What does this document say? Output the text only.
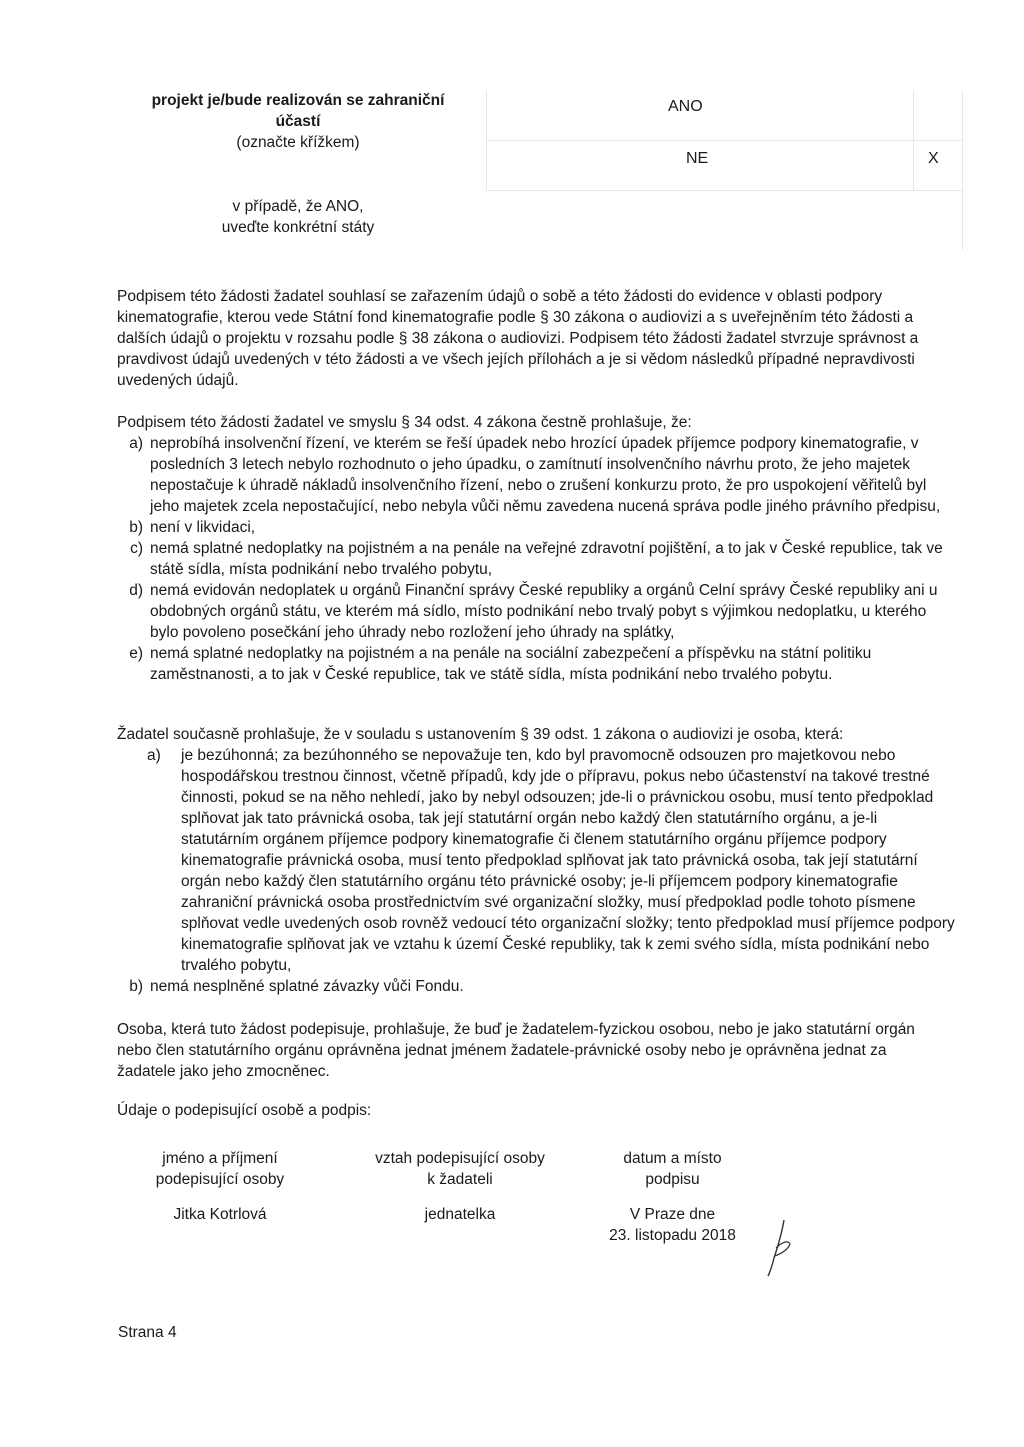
projekt je/bude realizován se zahraniční
účastí
(označte křížkem)
ANO
NE	X
v případě, že ANO,
uveďte konkrétní státy
Podpisem této žádosti žadatel souhlasí se zařazením údajů o sobě a této žádosti do evidence v oblasti podpory kinematografie, kterou vede Státní fond kinematografie podle § 30 zákona o audiovizi a s uveřejněním této žádosti a dalších údajů o projektu v rozsahu podle § 38 zákona o audiovizi. Podpisem této žádosti žadatel stvrzuje správnost a pravdivost údajů uvedených v této žádosti a ve všech jejích přílohách a je si vědom následků případné nepravdivosti uvedených údajů.
Podpisem této žádosti žadatel ve smyslu § 34 odst. 4 zákona čestně prohlašuje, že:
a) neprobíhá insolvenční řízení, ve kterém se řeší úpadek nebo hrozící úpadek příjemce podpory kinematografie, v posledních 3 letech nebylo rozhodnuto o jeho úpadku, o zamítnutí insolvenčního návrhu proto, že jeho majetek nepostačuje k úhradě nákladů insolvenčního řízení, nebo o zrušení konkurzu proto, že pro uspokojení věřitelů byl jeho majetek zcela nepostačující, nebo nebyla vůči němu zavedena nucená správa podle jiného právního předpisu,
b) není v likvidaci,
c) nemá splatné nedoplatky na pojistném a na penále na veřejné zdravotní pojištění, a to jak v České republice, tak ve státě sídla, místa podnikání nebo trvalého pobytu,
d) nemá evidován nedoplatek u orgánů Finanční správy České republiky a orgánů Celní správy České republiky ani u obdobných orgánů státu, ve kterém má sídlo, místo podnikání nebo trvalý pobyt s výjimkou nedoplatku, u kterého bylo povoleno posečkání jeho úhrady nebo rozložení jeho úhrady na splátky,
e) nemá splatné nedoplatky na pojistném a na penále na sociální zabezpečení a příspěvku na státní politiku zaměstnanosti, a to jak v České republice, tak ve státě sídla, místa podnikání nebo trvalého pobytu.
Žadatel současně prohlašuje, že v souladu s ustanovením § 39 odst. 1 zákona o audiovizi je osoba, která:
a) je bezúhonná; za bezúhonného se nepovažuje ten, kdo byl pravomocně odsouzen pro majetkovou nebo hospodářskou trestnou činnost, včetně případů, kdy jde o přípravu, pokus nebo účastenství na takové trestné činnosti, pokud se na něho nehledí, jako by nebyl odsouzen; jde-li o právnickou osobu, musí tento předpoklad splňovat jak tato právnická osoba, tak její statutární orgán nebo každý člen statutárního orgánu, a je-li statutárním orgánem příjemce podpory kinematografie či členem statutárního orgánu příjemce podpory kinematografie právnická osoba, musí tento předpoklad splňovat jak tato právnická osoba, tak její statutární orgán nebo každý člen statutárního orgánu této právnické osoby; je-li příjemcem podpory kinematografie zahraniční právnická osoba prostřednictvím své organizační složky, musí předpoklad podle tohoto písmene splňovat vedle uvedených osob rovněž vedoucí této organizační složky; tento předpoklad musí příjemce podpory kinematografie splňovat jak ve vztahu k území České republiky, tak k zemi svého sídla, místa podnikání nebo trvalého pobytu,
b) nemá nesplněné splatné závazky vůči Fondu.
Osoba, která tuto žádost podepisuje, prohlašuje, že buď je žadatelem-fyzickou osobou, nebo je jako statutární orgán nebo člen statutárního orgánu oprávněna jednat jménem žadatele-právnické osoby nebo je oprávněna jednat za žadatele jako jeho zmocněnec.
Údaje o podepisující osobě a podpis:
jméno a příjmení
podepisující osoby
Jitka Kotrlová
vztah podepisující osoby
k žadateli
jednatelka
datum a místo
podpisu
V Praze dne
23. listopadu 2018
Strana 4
